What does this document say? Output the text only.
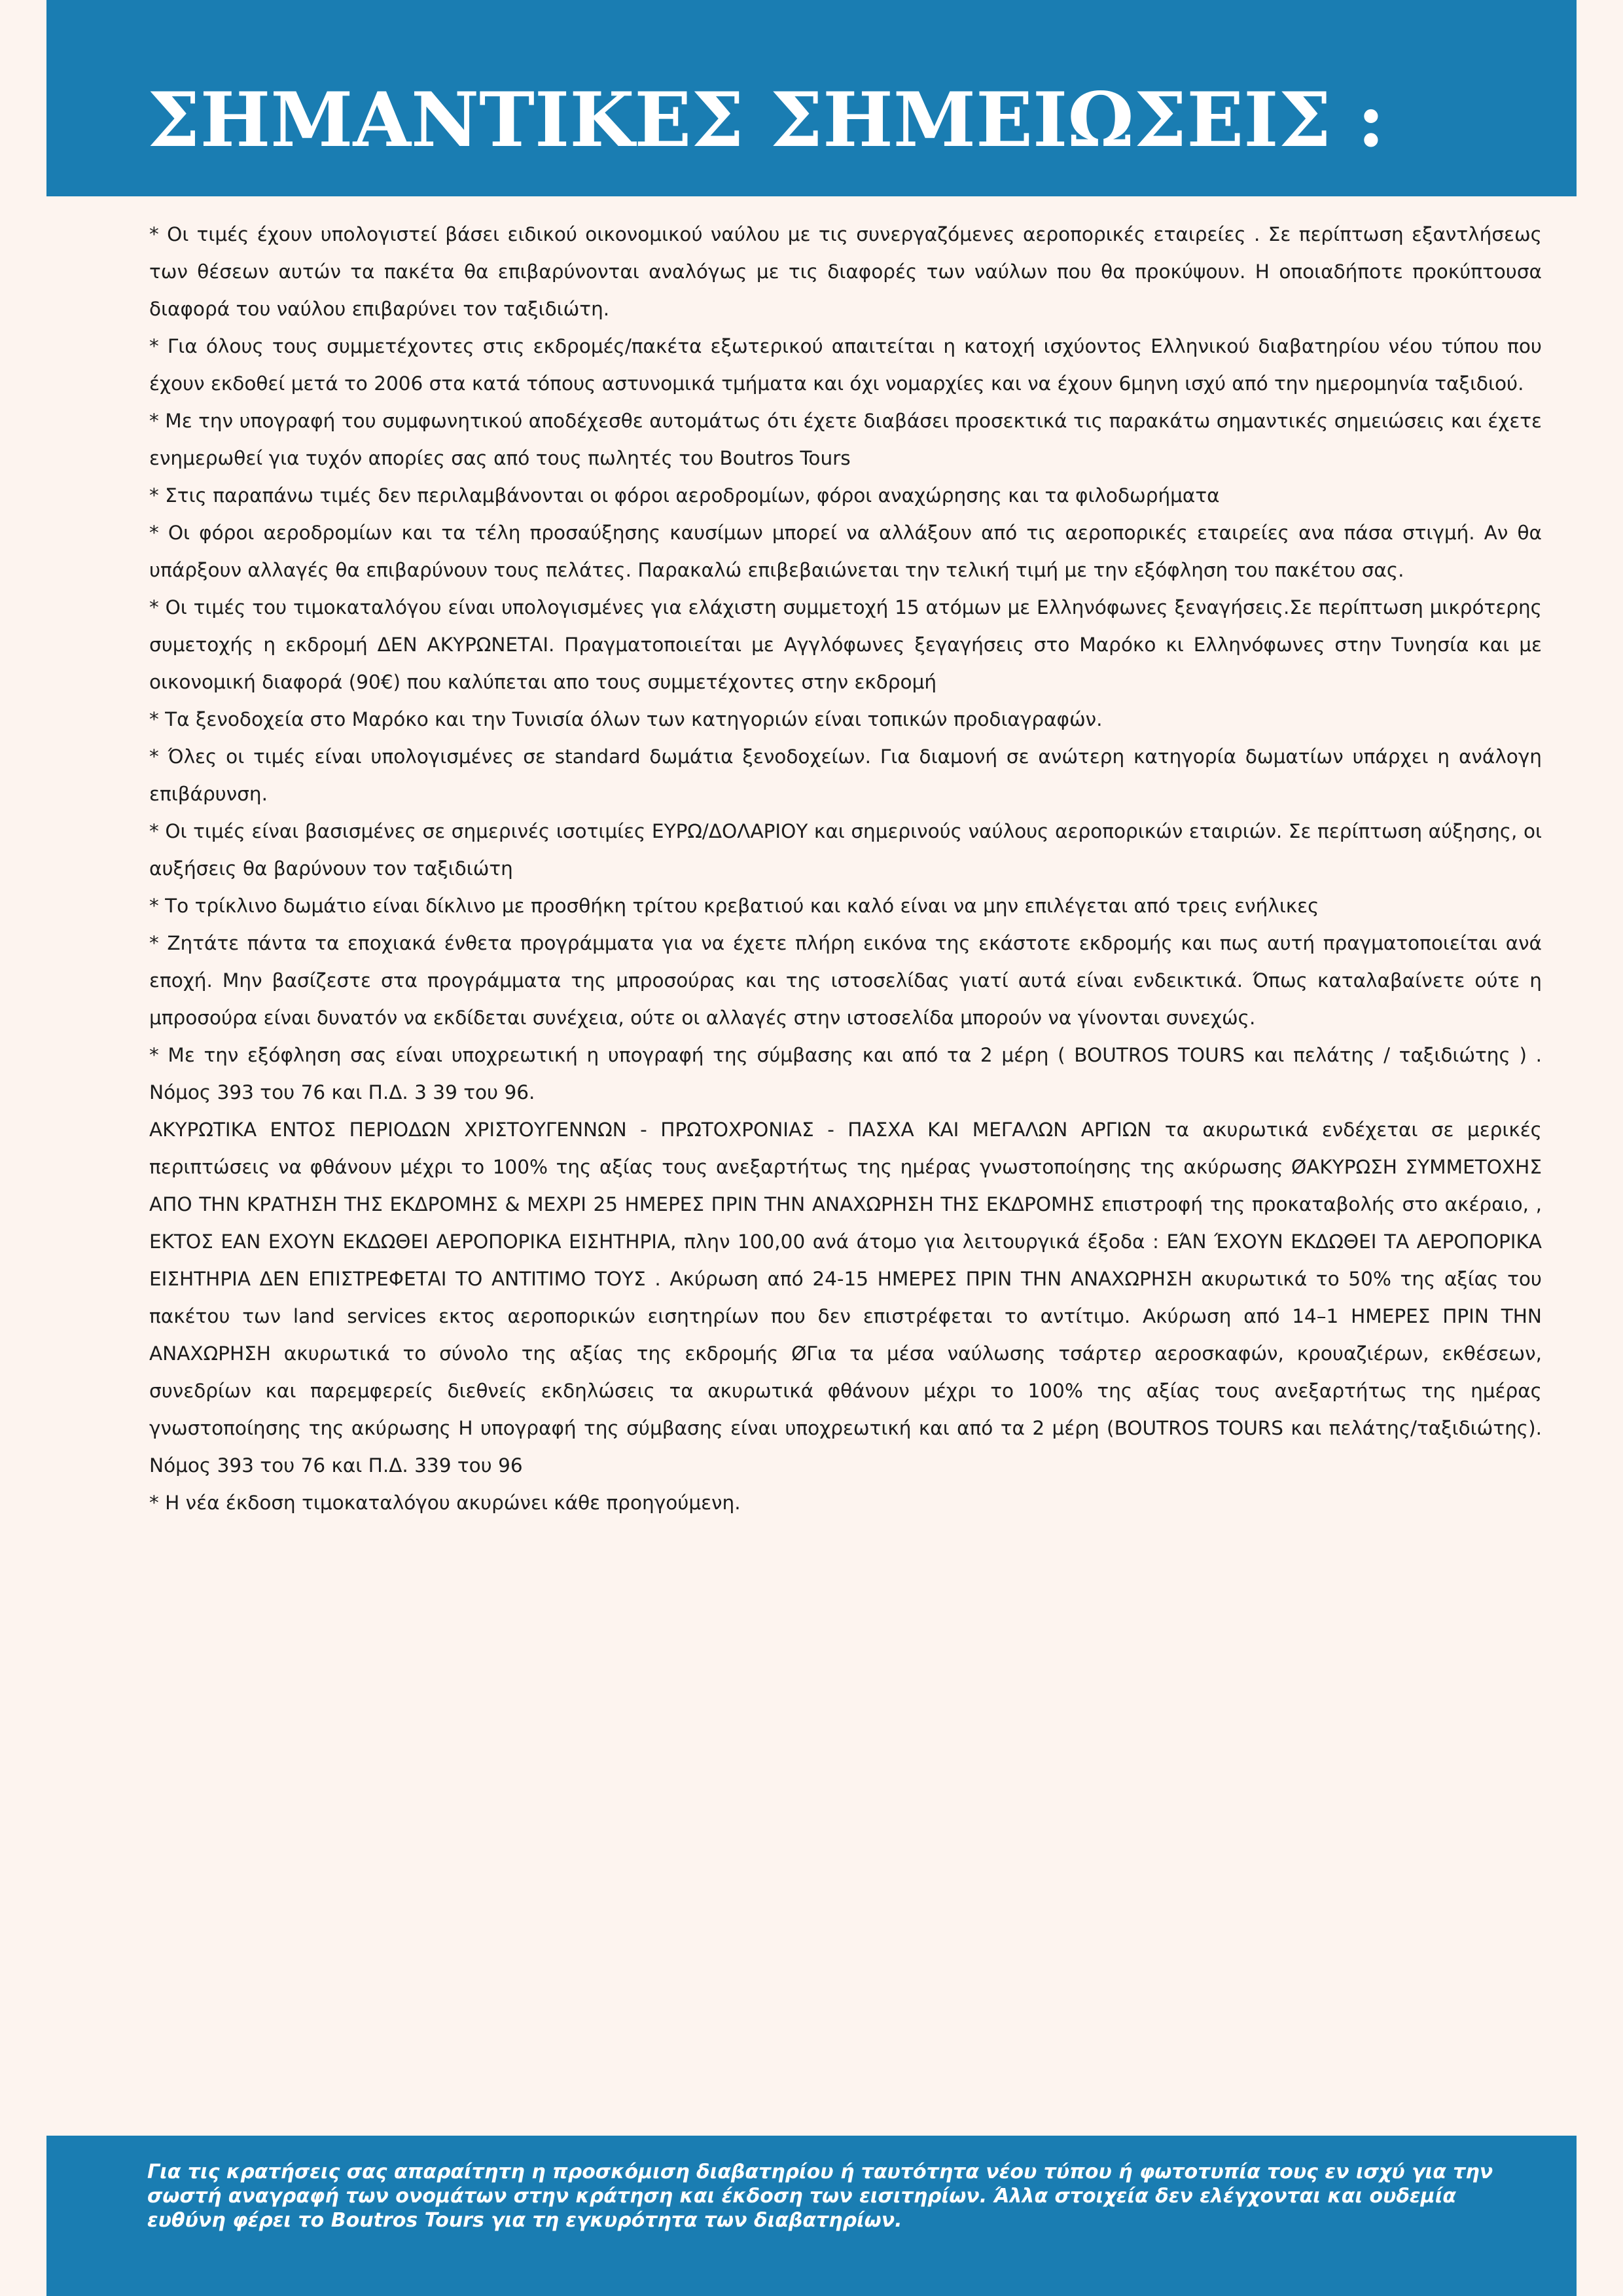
ΣΗΜΑΝΤΙΚΕΣ ΣΗΜΕΙΩΣΕΙΣ :
* Οι τιμές έχουν υπολογιστεί βάσει ειδικού οικονομικού ναύλου με τις συνεργαζόμενες αεροπορικές εταιρείες . Σε περίπτωση εξαντλήσεως των θέσεων αυτών τα πακέτα θα επιβαρύνονται αναλόγως με τις διαφορές των ναύλων που θα προκύψουν. Η οποιαδήποτε προκύπτουσα διαφορά του ναύλου επιβαρύνει τον ταξιδιώτη.
* Για όλους τους συμμετέχοντες στις εκδρομές/πακέτα εξωτερικού απαιτείται η κατοχή ισχύοντος Ελληνικού διαβατηρίου νέου τύπου που έχουν εκδοθεί μετά το 2006 στα κατά τόπους αστυνομικά τμήματα και όχι νομαρχίες και να έχουν 6μηνη ισχύ από την ημερομηνία ταξιδιού.
* Με την υπογραφή του συμφωνητικού αποδέχεσθε αυτομάτως ότι έχετε διαβάσει προσεκτικά τις παρακάτω σημαντικές σημειώσεις και έχετε ενημερωθεί για τυχόν απορίες σας από τους πωλητές του Boutros Tours
* Στις παραπάνω τιμές δεν περιλαμβάνονται οι φόροι αεροδρομίων, φόροι αναχώρησης και τα φιλοδωρήματα
* Οι φόροι αεροδρομίων και τα τέλη προσαύξησης καυσίμων μπορεί να αλλάξουν από τις αεροπορικές εταιρείες ανα πάσα στιγμή. Αν θα υπάρξουν αλλαγές θα επιβαρύνουν τους πελάτες. Παρακαλώ επιβεβαιώνεται την τελική τιμή με την εξόφληση του πακέτου σας.
* Οι τιμές του τιμοκαταλόγου είναι υπολογισμένες για ελάχιστη συμμετοχή 15 ατόμων με Ελληνόφωνες ξεναγήσεις.Σε περίπτωση μικρότερης συμετοχής η εκδρομή ΔΕΝ ΑΚΥΡΩΝΕΤΑΙ. Πραγματοποιείται με Αγγλόφωνες ξεγαγήσεις στο Μαρόκο κι Ελληνόφωνες στην Τυνησία και με οικονομική διαφορά (90€) που καλύπεται απο τους συμμετέχοντες στην εκδρομή
* Τα ξενοδοχεία στο Μαρόκο και την Τυνισία όλων των κατηγοριών είναι τοπικών προδιαγραφών.
* Όλες οι τιμές είναι υπολογισμένες σε standard δωμάτια ξενοδοχείων. Για διαμονή σε ανώτερη κατηγορία δωματίων υπάρχει η ανάλογη επιβάρυνση.
* Οι τιμές είναι βασισμένες σε σημερινές ισοτιμίες ΕΥΡΩ/ΔΟΛΑΡΙΟΥ και σημερινούς ναύλους αεροπορικών εταιριών. Σε περίπτωση αύξησης, οι αυξήσεις θα βαρύνουν τον ταξιδιώτη
* Το τρίκλινο δωμάτιο είναι δίκλινο με προσθήκη τρίτου κρεβατιού και καλό είναι να μην επιλέγεται από τρεις ενήλικες
* Ζητάτε πάντα τα εποχιακά ένθετα προγράμματα για να έχετε πλήρη εικόνα της εκάστοτε εκδρομής και πως αυτή πραγματοποιείται ανά εποχή. Μην βασίζεστε στα προγράμματα της μπροσούρας και της ιστοσελίδας γιατί αυτά είναι ενδεικτικά. Όπως καταλαβαίνετε ούτε η μπροσούρα είναι δυνατόν να εκδίδεται συνέχεια, ούτε οι αλλαγές στην ιστοσελίδα μπορούν να γίνονται συνεχώς.
* Με την εξόφληση σας είναι υποχρεωτική η υπογραφή της σύμβασης και από τα 2 μέρη ( BOUTROS TOURS και πελάτης / ταξιδιώτης ) . Νόμος 393 του 76 και Π.Δ. 3 39 του 96.
ΑΚΥΡΩΤΙΚΑ ΕΝΤΟΣ ΠΕΡΙΟΔΩΝ ΧΡΙΣΤΟΥΓΕΝΝΩΝ - ΠΡΩΤΟΧΡΟΝΙΑΣ - ΠΑΣΧΑ ΚΑΙ ΜΕΓΑΛΩΝ ΑΡΓΙΩΝ τα ακυρωτικά ενδέχεται σε μερικές περιπτώσεις να φθάνουν μέχρι το 100% της αξίας τους ανεξαρτήτως της ημέρας γνωστοποίησης της ακύρωσης ØΑΚΥΡΩΣΗ ΣΥΜΜΕΤΟΧΗΣ ΑΠΟ ΤΗΝ ΚΡΑΤΗΣΗ ΤΗΣ ΕΚΔΡΟΜΗΣ & ΜΕΧΡΙ 25 ΗΜΕΡΕΣ ΠΡΙΝ ΤΗΝ ΑΝΑΧΩΡΗΣΗ ΤΗΣ ΕΚΔΡΟΜΗΣ επιστροφή της προκαταβολής στο ακέραιο, , ΕΚΤΟΣ ΕΑΝ ΕΧΟΥΝ ΕΚΔΩΘΕΙ ΑΕΡΟΠΟΡΙΚΑ ΕΙΣΗΤΗΡΙΑ, πλην 100,00 ανά άτομο για λειτουργικά έξοδα : ΕΆΝ ΈΧΟΥΝ ΕΚΔΩΘΕΙ ΤΑ ΑΕΡΟΠΟΡΙΚΑ ΕΙΣΗΤΗΡΙΑ ΔΕΝ ΕΠΙΣΤΡΕΦΕΤΑΙ ΤΟ ΑΝΤΙΤΙΜΟ ΤΟΥΣ . Ακύρωση από 24-15 ΗΜΕΡΕΣ ΠΡΙΝ ΤΗΝ ΑΝΑΧΩΡΗΣΗ ακυρωτικά το 50% της αξίας του πακέτου των land services εκτος αεροπορικών εισητηρίων που δεν επιστρέφεται το αντίτιμο. Ακύρωση από 14–1 ΗΜΕΡΕΣ ΠΡΙΝ ΤΗΝ ΑΝΑΧΩΡΗΣΗ ακυρωτικά το σύνολο της αξίας της εκδρομής ØΓια τα μέσα ναύλωσης τσάρτερ αεροσκαφών, κρουαζιέρων, εκθέσεων, συνεδρίων και παρεμφερείς διεθνείς εκδηλώσεις τα ακυρωτικά φθάνουν μέχρι το 100% της αξίας τους ανεξαρτήτως της ημέρας γνωστοποίησης της ακύρωσης Η υπογραφή της σύμβασης είναι υποχρεωτική και από τα 2 μέρη (BOUTROS TOURS και πελάτης/ταξιδιώτης). Νόμος 393 του 76 και Π.Δ. 339 του 96
* Η νέα έκδοση τιμοκαταλόγου ακυρώνει κάθε προηγούμενη.

Για τις κρατήσεις σας απαραίτητη η προσκόμιση διαβατηρίου ή ταυτότητα νέου τύπου ή φωτοτυπία τους εν ισχύ για την σωστή αναγραφή των ονομάτων στην κράτηση και έκδοση των εισιτηρίων. Άλλα στοιχεία δεν ελέγχονται και ουδεμία ευθύνη φέρει το Boutros Tours για τη εγκυρότητα των διαβατηρίων.
